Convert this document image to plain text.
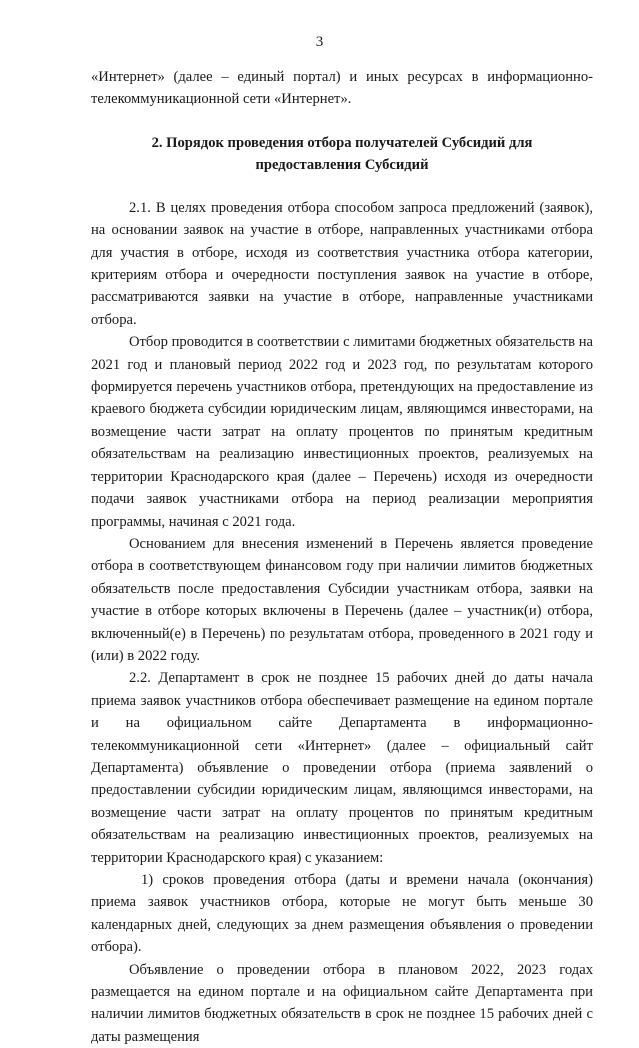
3

«Интернет» (далее – единый портал) и иных ресурсах в информационно-телекоммуникационной сети «Интернет».

2. Порядок проведения отбора получателей Субсидий для предоставления Субсидий

2.1. В целях проведения отбора способом запроса предложений (заявок), на основании заявок на участие в отборе, направленных участниками отбора для участия в отборе, исходя из соответствия участника отбора категории, критериям отбора и очередности поступления заявок на участие в отборе, рассматриваются заявки на участие в отборе, направленные участниками отбора.

Отбор проводится в соответствии с лимитами бюджетных обязательств на 2021 год и плановый период 2022 год и 2023 год, по результатам которого формируется перечень участников отбора, претендующих на предоставление из краевого бюджета субсидии юридическим лицам, являющимся инвесторами, на возмещение части затрат на оплату процентов по принятым кредитным обязательствам на реализацию инвестиционных проектов, реализуемых на территории Краснодарского края (далее – Перечень) исходя из очередности подачи заявок участниками отбора на период реализации мероприятия программы, начиная с 2021 года.

Основанием для внесения изменений в Перечень является проведение отбора в соответствующем финансовом году при наличии лимитов бюджетных обязательств после предоставления Субсидии участникам отбора, заявки на участие в отборе которых включены в Перечень (далее – участник(и) отбора, включенный(е) в Перечень) по результатам отбора, проведенного в 2021 году и (или) в 2022 году.

2.2. Департамент в срок не позднее 15 рабочих дней до даты начала приема заявок участников отбора обеспечивает размещение на едином портале и на официальном сайте Департамента в информационно-телекоммуникационной сети «Интернет» (далее – официальный сайт Департамента) объявление о проведении отбора (приема заявлений о предоставлении субсидии юридическим лицам, являющимся инвесторами, на возмещение части затрат на оплату процентов по принятым кредитным обязательствам на реализацию инвестиционных проектов, реализуемых на территории Краснодарского края) с указанием:

1) сроков проведения отбора (даты и времени начала (окончания) приема заявок участников отбора, которые не могут быть меньше 30 календарных дней, следующих за днем размещения объявления о проведении отбора).

Объявление о проведении отбора в плановом 2022, 2023 годах размещается на едином портале и на официальном сайте Департамента при наличии лимитов бюджетных обязательств в срок не позднее 15 рабочих дней с даты размещения
